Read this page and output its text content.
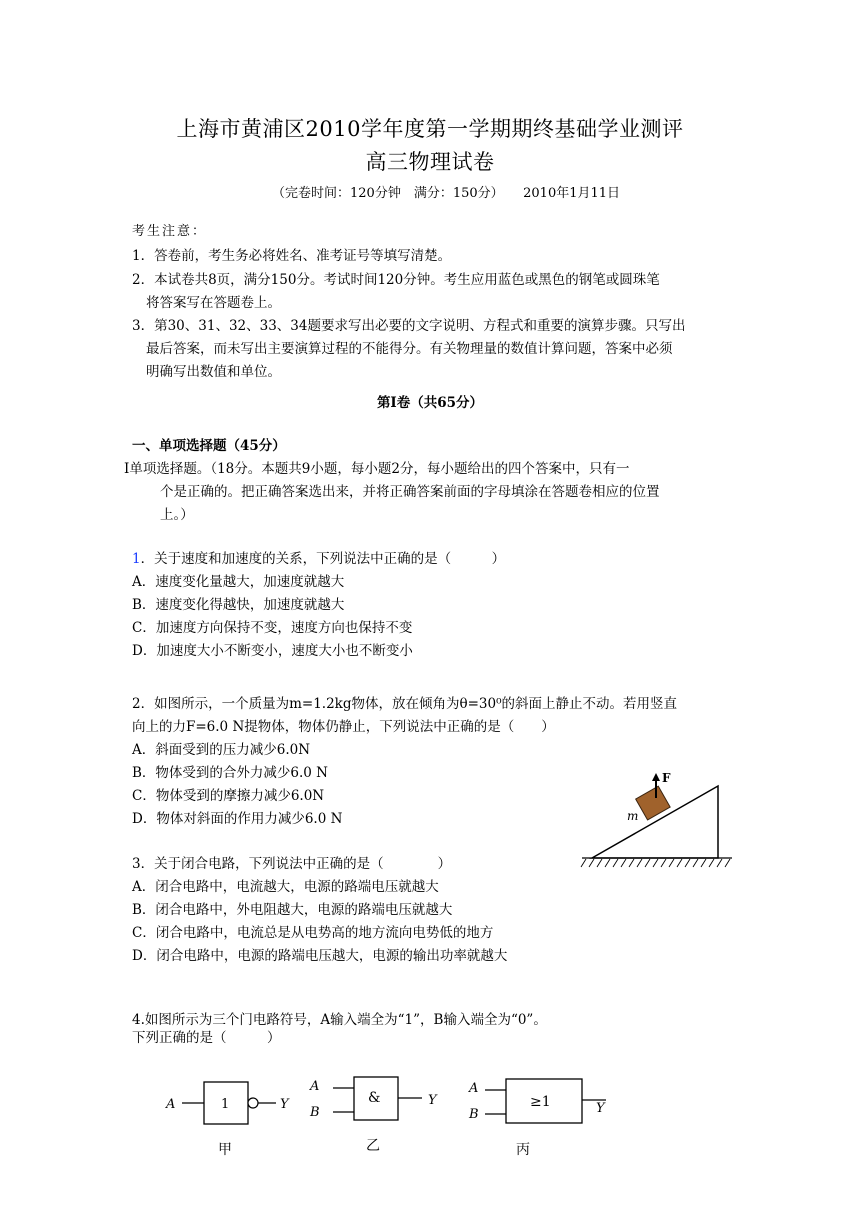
上海市黄浦区2010学年度第一学期期终基础学业测评
高三物理试卷
（完卷时间：120分钟　满分：150分）　　2010年1月11日
考生注意：
1．答卷前，考生务必将姓名、准考证号等填写清楚。
2．本试卷共8页，满分150分。考试时间120分钟。考生应用蓝色或黑色的钢笔或圆珠笔
将答案写在答题卷上。
3．第30、31、32、33、34题要求写出必要的文字说明、方程式和重要的演算步骤。只写出
最后答案，而未写出主要演算过程的不能得分。有关物理量的数值计算问题，答案中必须
明确写出数值和单位。
第Ⅰ卷（共65分）
一、单项选择题（45分）
Ⅰ单项选择题。（18分。本题共9小题，每小题2分，每小题给出的四个答案中，只有一
个是正确的。把正确答案选出来，并将正确答案前面的字母填涂在答题卷相应的位置
上。）
1．关于速度和加速度的关系，下列说法中正确的是（　　　）
A．速度变化量越大，加速度就越大
B．速度变化得越快，加速度就越大
C．加速度方向保持不变，速度方向也保持不变
D．加速度大小不断变小，速度大小也不断变小
2．如图所示，一个质量为m=1.2kg物体，放在倾角为θ=30⁰的斜面上静止不动。若用竖直
向上的力F=6.0 N提物体，物体仍静止，下列说法中正确的是（　　）
A．斜面受到的压力减少6.0N
B．物体受到的合外力减少6.0 N
C．物体受到的摩擦力减少6.0N
D．物体对斜面的作用力减少6.0 N
F
m
3．关于闭合电路，下列说法中正确的是（　　　　）
A．闭合电路中，电流越大，电源的路端电压就越大
B．闭合电路中，外电阻越大，电源的路端电压就越大
C．闭合电路中，电流总是从电势高的地方流向电势低的地方
D．闭合电路中，电源的路端电压越大，电源的输出功率就越大
4.如图所示为三个门电路符号，A输入端全为“1”，B输入端全为“0”。
下列正确的是（　　　）
A	1	Y
甲
A
B
&	Y
乙
A
B
≥1	Y
丙
